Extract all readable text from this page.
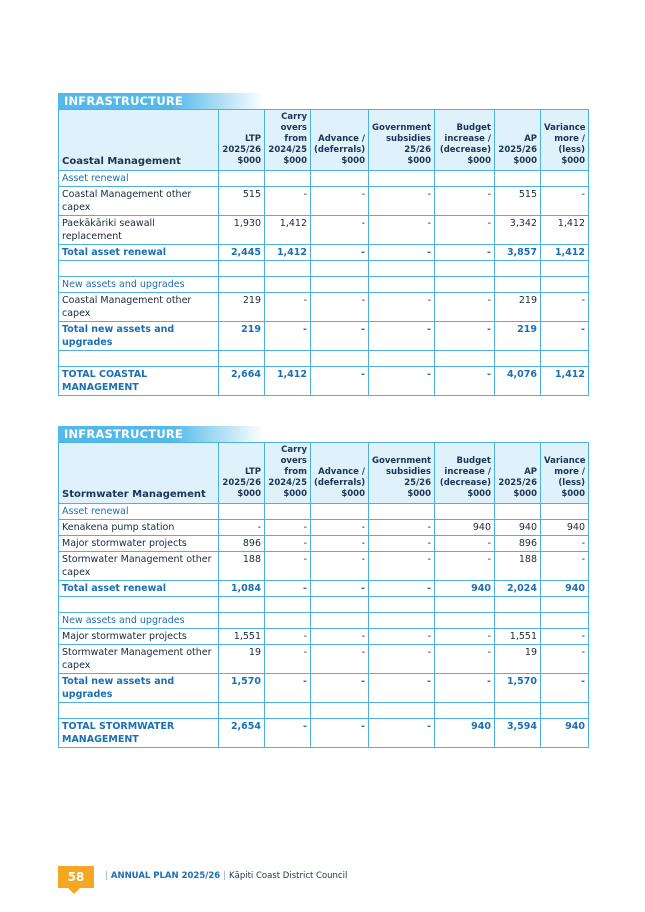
INFRASTRUCTURE
Coastal Management	LTP
2025/26
$000	Carry
overs
from
2024/25
$000	Advance /
(deferrals)
$000	Government
subsidies
25/26
$000	Budget
increase /
(decrease)
$000	AP
2025/26
$000	Variance
more /
(less)
$000
Asset renewal							
Coastal Management other capex	515	-	-	-	-	515	-
Paekākāriki seawall replacement	1,930	1,412	-	-	-	3,342	1,412
Total asset renewal	2,445	1,412	-	-	-	3,857	1,412

New assets and upgrades							
Coastal Management other capex	219	-	-	-	-	219	-
Total new assets and upgrades	219	-	-	-	-	219	-

TOTAL COASTAL MANAGEMENT	2,664	1,412	-	-	-	4,076	1,412
INFRASTRUCTURE
Stormwater Management	LTP
2025/26
$000	Carry
overs
from
2024/25
$000	Advance /
(deferrals)
$000	Government
subsidies
25/26
$000	Budget
increase /
(decrease)
$000	AP
2025/26
$000	Variance
more /
(less)
$000
Asset renewal							
Kenakena pump station	-	-	-	-	940	940	940
Major stormwater projects	896	-	-	-	-	896	-
Stormwater Management other capex	188	-	-	-	-	188	-
Total asset renewal	1,084	-	-	-	940	2,024	940

New assets and upgrades							
Major stormwater projects	1,551	-	-	-	-	1,551	-
Stormwater Management other capex	19	-	-	-	-	19	-
Total new assets and upgrades	1,570	-	-	-	-	1,570	-

TOTAL STORMWATER MANAGEMENT	2,654	-	-	-	940	3,594	940
58	| ANNUAL PLAN 2025/26 | Kāpiti Coast District Council
